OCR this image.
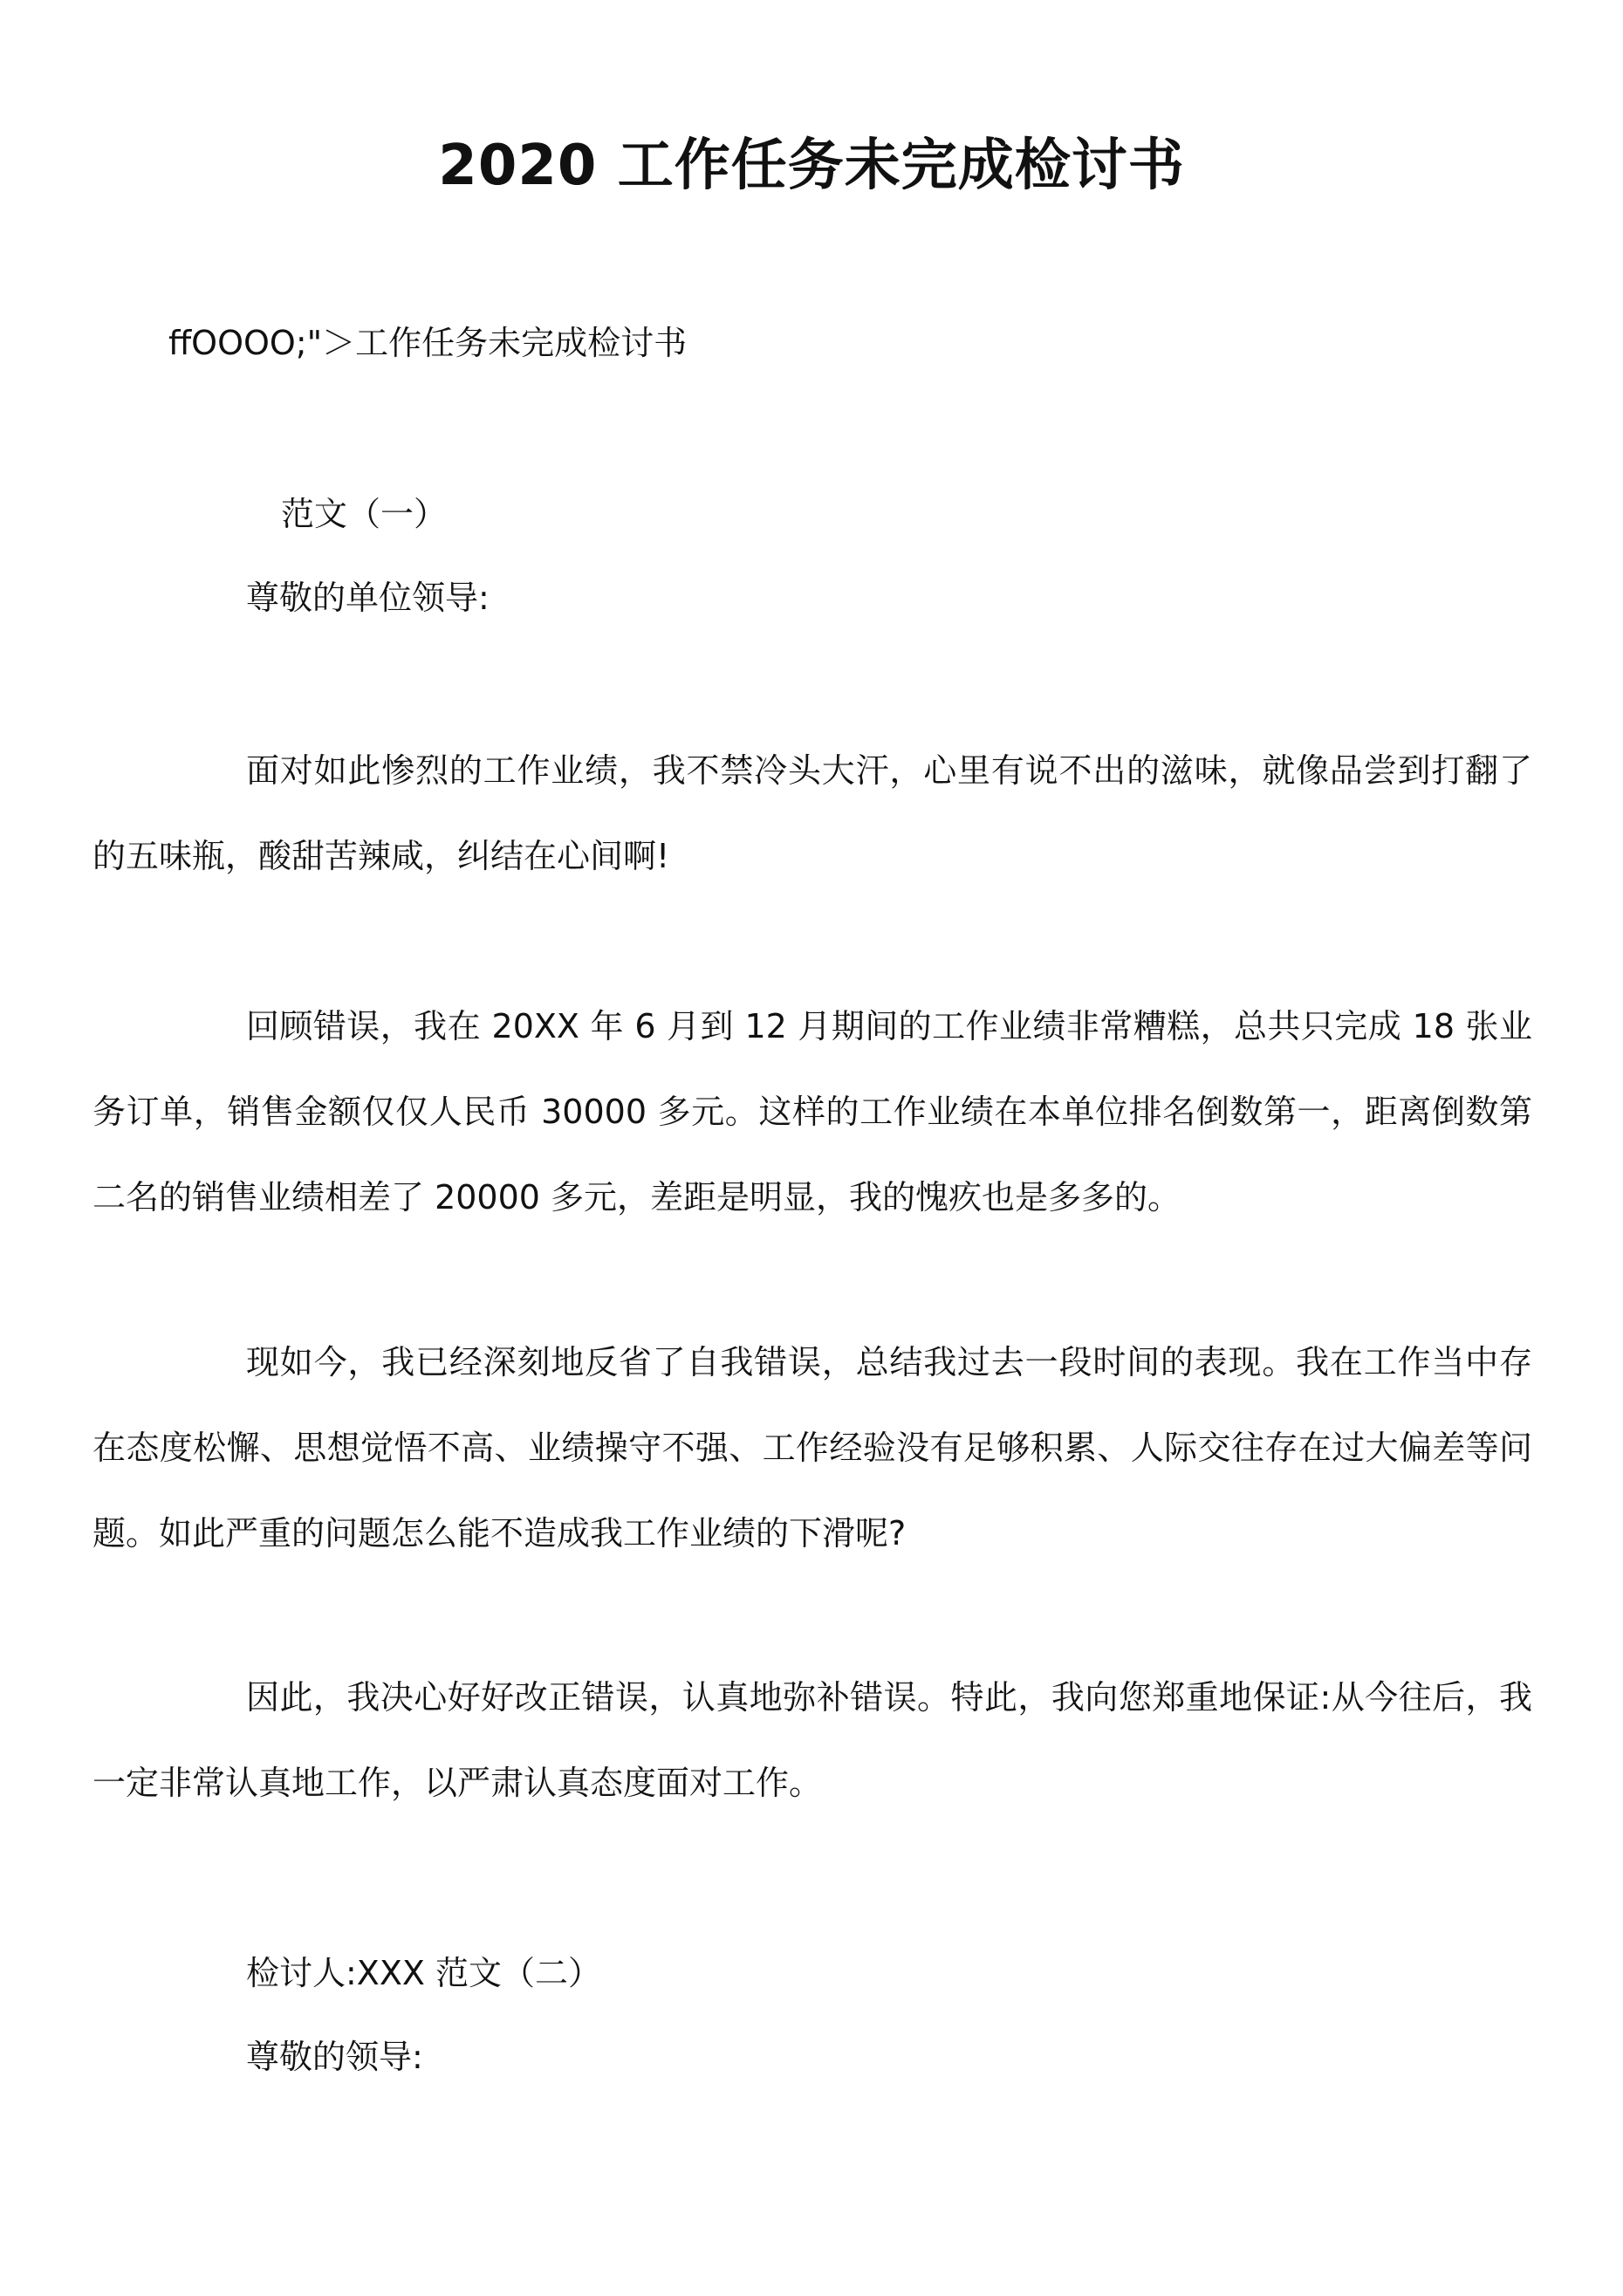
2020 工作任务未完成检讨书
ffOOOO;"＞工作任务未完成检讨书
范文（一）
尊敬的单位领导:

面对如此惨烈的工作业绩，我不禁冷头大汗，心里有说不出的滋味，就像品尝到打翻了的五味瓶，酸甜苦辣咸，纠结在心间啊!

回顾错误，我在 20XX 年 6 月到 12 月期间的工作业绩非常糟糕，总共只完成 18 张业务订单，销售金额仅仅人民币 30000 多元。这样的工作业绩在本单位排名倒数第一，距离倒数第二名的销售业绩相差了 20000 多元，差距是明显，我的愧疚也是多多的。

现如今，我已经深刻地反省了自我错误，总结我过去一段时间的表现。我在工作当中存在态度松懈、思想觉悟不高、业绩操守不强、工作经验没有足够积累、人际交往存在过大偏差等问题。如此严重的问题怎么能不造成我工作业绩的下滑呢?

因此，我决心好好改正错误，认真地弥补错误。特此，我向您郑重地保证:从今往后，我一定非常认真地工作，以严肃认真态度面对工作。

检讨人:XXX 范文（二）
尊敬的领导:
